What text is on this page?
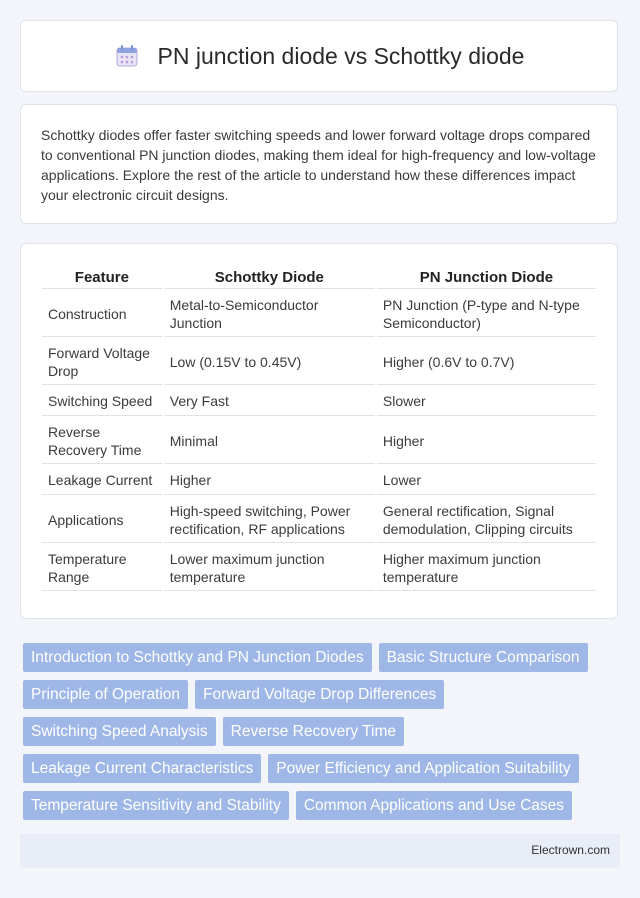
PN junction diode vs Schottky diode

Schottky diodes offer faster switching speeds and lower forward voltage drops compared to conventional PN junction diodes, making them ideal for high-frequency and low-voltage applications. Explore the rest of the article to understand how these differences impact your electronic circuit designs.

Feature	Schottky Diode	PN Junction Diode
Construction	Metal-to-Semiconductor Junction	PN Junction (P-type and N-type Semiconductor)
Forward Voltage Drop	Low (0.15V to 0.45V)	Higher (0.6V to 0.7V)
Switching Speed	Very Fast	Slower
Reverse Recovery Time	Minimal	Higher
Leakage Current	Higher	Lower
Applications	High-speed switching, Power rectification, RF applications	General rectification, Signal demodulation, Clipping circuits
Temperature Range	Lower maximum junction temperature	Higher maximum junction temperature
Introduction to Schottky and PN Junction Diodes	Basic Structure Comparison
Principle of Operation	Forward Voltage Drop Differences
Switching Speed Analysis	Reverse Recovery Time
Leakage Current Characteristics	Power Efficiency and Application Suitability
Temperature Sensitivity and Stability	Common Applications and Use Cases
Electrown.com
